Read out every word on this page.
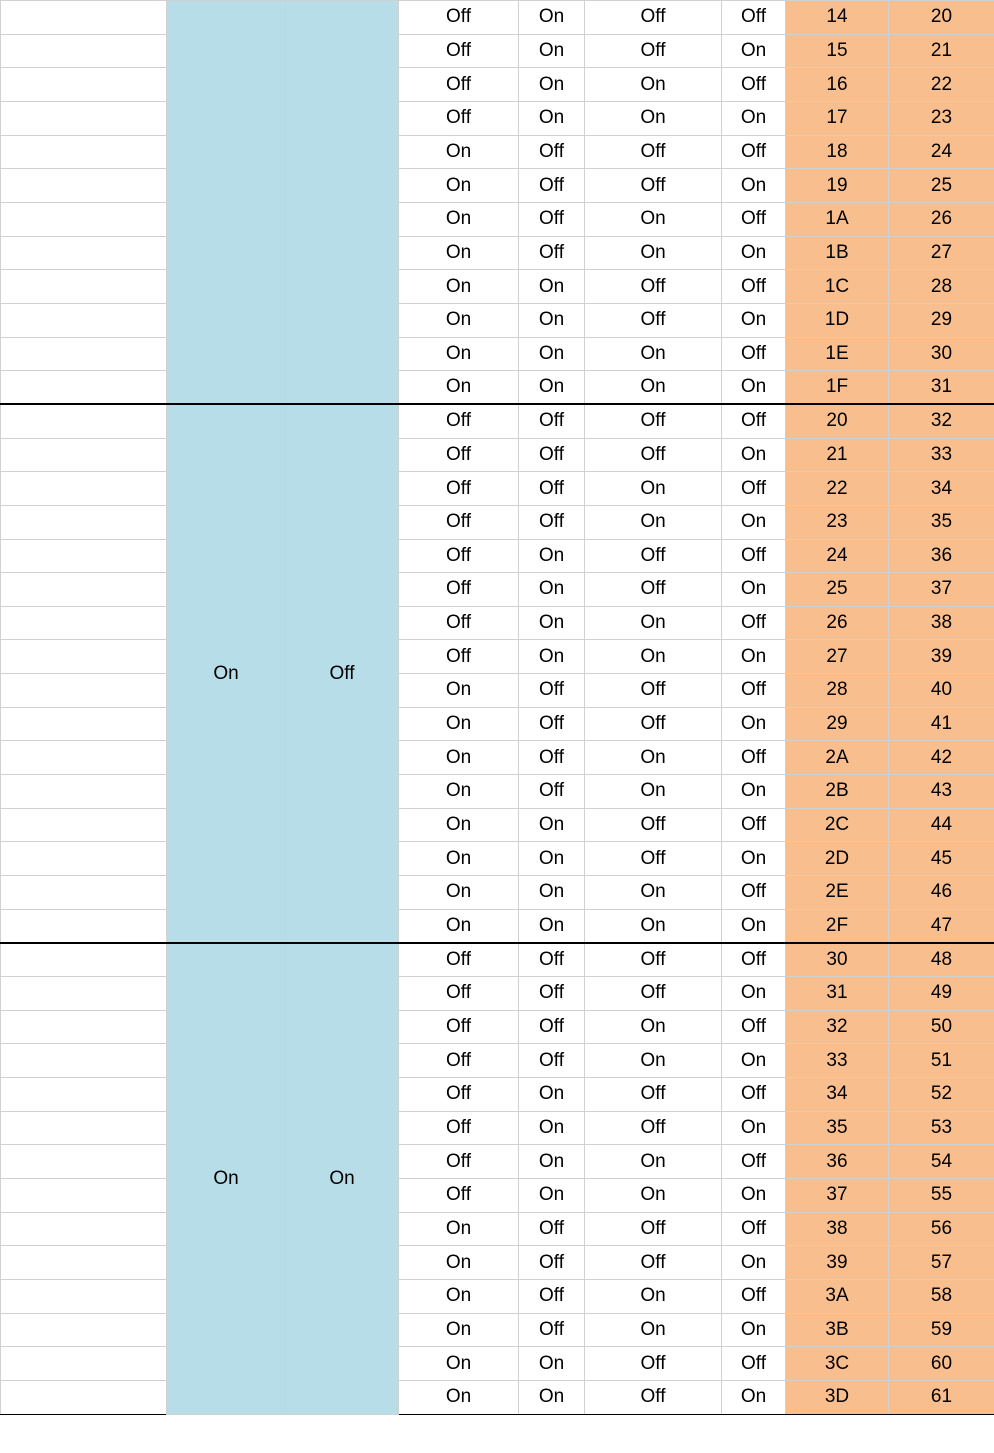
			Off	On	Off	Off	14	20
			Off	On	Off	On	15	21
			Off	On	On	Off	16	22
			Off	On	On	On	17	23
			On	Off	Off	Off	18	24
			On	Off	Off	On	19	25
			On	Off	On	Off	1A	26
			On	Off	On	On	1B	27
			On	On	Off	Off	1C	28
			On	On	Off	On	1D	29
			On	On	On	Off	1E	30
			On	On	On	On	1F	31
	On	Off	Off	Off	Off	Off	20	32
			Off	Off	Off	On	21	33
			Off	Off	On	Off	22	34
			Off	Off	On	On	23	35
			Off	On	Off	Off	24	36
			Off	On	Off	On	25	37
			Off	On	On	Off	26	38
			Off	On	On	On	27	39
			On	Off	Off	Off	28	40
			On	Off	Off	On	29	41
			On	Off	On	Off	2A	42
			On	Off	On	On	2B	43
			On	On	Off	Off	2C	44
			On	On	Off	On	2D	45
			On	On	On	Off	2E	46
			On	On	On	On	2F	47
	On	On	Off	Off	Off	Off	30	48
			Off	Off	Off	On	31	49
			Off	Off	On	Off	32	50
			Off	Off	On	On	33	51
			Off	On	Off	Off	34	52
			Off	On	Off	On	35	53
			Off	On	On	Off	36	54
			Off	On	On	On	37	55
			On	Off	Off	Off	38	56
			On	Off	Off	On	39	57
			On	Off	On	Off	3A	58
			On	Off	On	On	3B	59
			On	On	Off	Off	3C	60
			On	On	Off	On	3D	61
